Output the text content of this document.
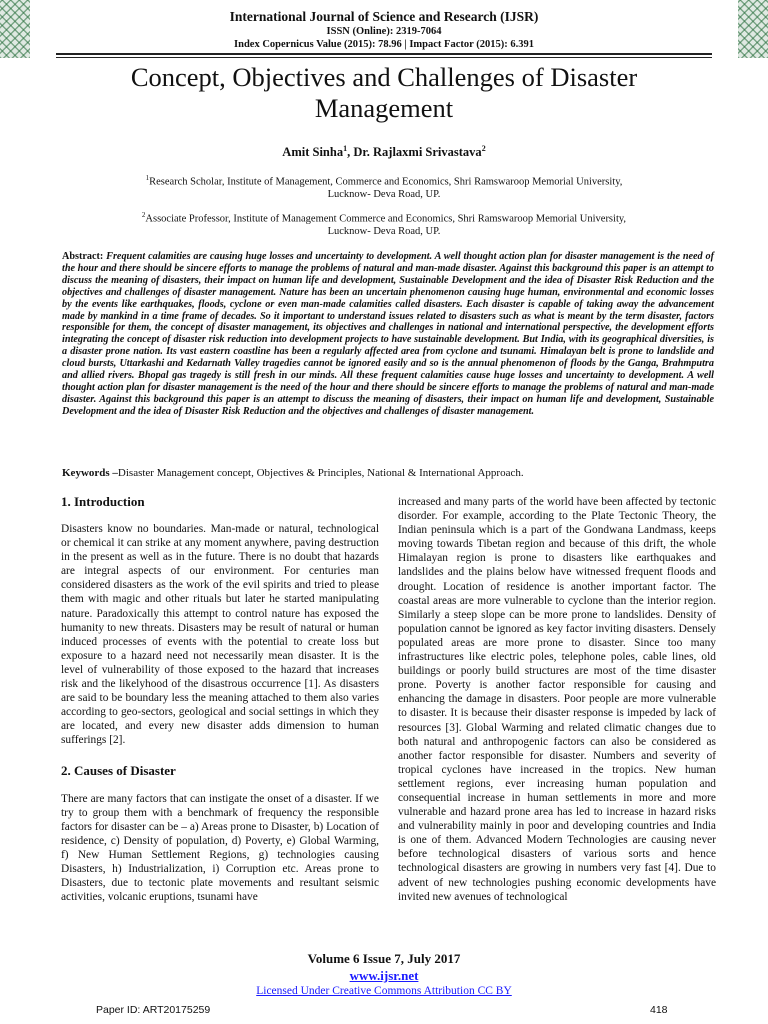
International Journal of Science and Research (IJSR)
ISSN (Online): 2319-7064
Index Copernicus Value (2015): 78.96 | Impact Factor (2015): 6.391
Concept, Objectives and Challenges of Disaster Management
Amit Sinha$^1$, Dr. Rajlaxmi Srivastava$^2$
$^1$Research Scholar, Institute of Management, Commerce and Economics, Shri Ramswaroop Memorial University,
Lucknow- Deva Road, UP.
$^2$Associate Professor, Institute of Management Commerce and Economics, Shri Ramswaroop Memorial University,
Lucknow- Deva Road, UP.
Abstract: Frequent calamities are causing huge losses and uncertainty to development. A well thought action plan for disaster management is the need of the hour and there should be sincere efforts to manage the problems of natural and man-made disaster. Against this background this paper is an attempt to discuss the meaning of disasters, their impact on human life and development, Sustainable Development and the idea of Disaster Risk Reduction and the objectives and challenges of disaster management. Nature has been an uncertain phenomenon causing huge human, environmental and economic losses by the events like earthquakes, floods, cyclone or even man-made calamities called disasters. Each disaster is capable of taking away the advancement made by mankind in a time frame of decades. So it important to understand issues related to disasters such as what is meant by the term disaster, factors responsible for them, the concept of disaster management, its objectives and challenges in national and international perspective, the development efforts integrating the concept of disaster risk reduction into development projects to have sustainable development. But India, with its geographical diversities, is a disaster prone nation. Its vast eastern coastline has been a regularly affected area from cyclone and tsunami. Himalayan belt is prone to landslide and cloud bursts, Uttarkashi and Kedarnath Valley tragedies cannot be ignored easily and so is the annual phenomenon of floods by the Ganga, Brahmputra and allied rivers. Bhopal gas tragedy is still fresh in our minds. All these frequent calamities cause huge losses and uncertainty to development. A well thought action plan for disaster management is the need of the hour and there should be sincere efforts to manage the problems of natural and man-made disaster. Against this background this paper is an attempt to discuss the meaning of disasters, their impact on human life and development, Sustainable Development and the idea of Disaster Risk Reduction and the objectives and challenges of disaster management.
Keywords –Disaster Management concept, Objectives & Principles, National & International Approach.
1. Introduction

Disasters know no boundaries. Man-made or natural, technological or chemical it can strike at any moment anywhere, paving destruction in the present as well as in the future. There is no doubt that hazards are integral aspects of our environment. For centuries man considered disasters as the work of the evil spirits and tried to please them with magic and other rituals but later he started manipulating nature. Paradoxically this attempt to control nature has exposed the humanity to new threats. Disasters may be result of natural or human induced processes of events with the potential to create loss but exposure to a hazard need not necessarily mean disaster. It is the level of vulnerability of those exposed to the hazard that increases risk and the likelyhood of the disastrous occurrence [1]. As disasters are said to be boundary less the meaning attached to them also varies according to geo-sectors, geological and social settings in which they are located, and every new disaster adds dimension to human sufferings [2].

2. Causes of Disaster

There are many factors that can instigate the onset of a disaster. If we try to group them with a benchmark of frequency the responsible factors for disaster can be – a) Areas prone to Disaster, b) Location of residence, c) Density of population, d) Poverty, e) Global Warming, f) New Human Settlement Regions, g) technologies causing Disasters, h) Industrialization, i) Corruption etc. Areas prone to Disasters, due to tectonic plate movements and resultant seismic activities, volcanic eruptions, tsunami have

increased and many parts of the world have been affected by tectonic disorder. For example, according to the Plate Tectonic Theory, the Indian peninsula which is a part of the Gondwana Landmass, keeps moving towards Tibetan region and because of this drift, the whole Himalayan region is prone to disasters like earthquakes and landslides and the plains below have witnessed frequent floods and drought. Location of residence is another important factor. The coastal areas are more vulnerable to cyclone than the interior region. Similarly a steep slope can be more prone to landslides. Density of population cannot be ignored as key factor inviting disasters. Densely populated areas are more prone to disaster. Since too many infrastructures like electric poles, telephone poles, cable lines, old buildings or poorly build structures are most of the time disaster prone. Poverty is another factor responsible for causing and enhancing the damage in disasters. Poor people are more vulnerable to disaster. It is because their disaster response is impeded by lack of resources [3]. Global Warming and related climatic changes due to both natural and anthropogenic factors can also be considered as another factor responsible for disaster. Numbers and severity of tropical cyclones have increased in the tropics. New human settlement regions, ever increasing human population and consequential increase in human settlements in more and more vulnerable and hazard prone area has led to increase in hazard risks and vulnerability mainly in poor and developing countries and India is one of them. Advanced Modern Technologies are causing never before technological disasters of various sorts and hence technological disasters are growing in numbers very fast [4]. Due to advent of new technologies pushing economic developments have invited new avenues of technological

Volume 6 Issue 7, July 2017
www.ijsr.net
Licensed Under Creative Commons Attribution CC BY
Paper ID: ART20175259	418
